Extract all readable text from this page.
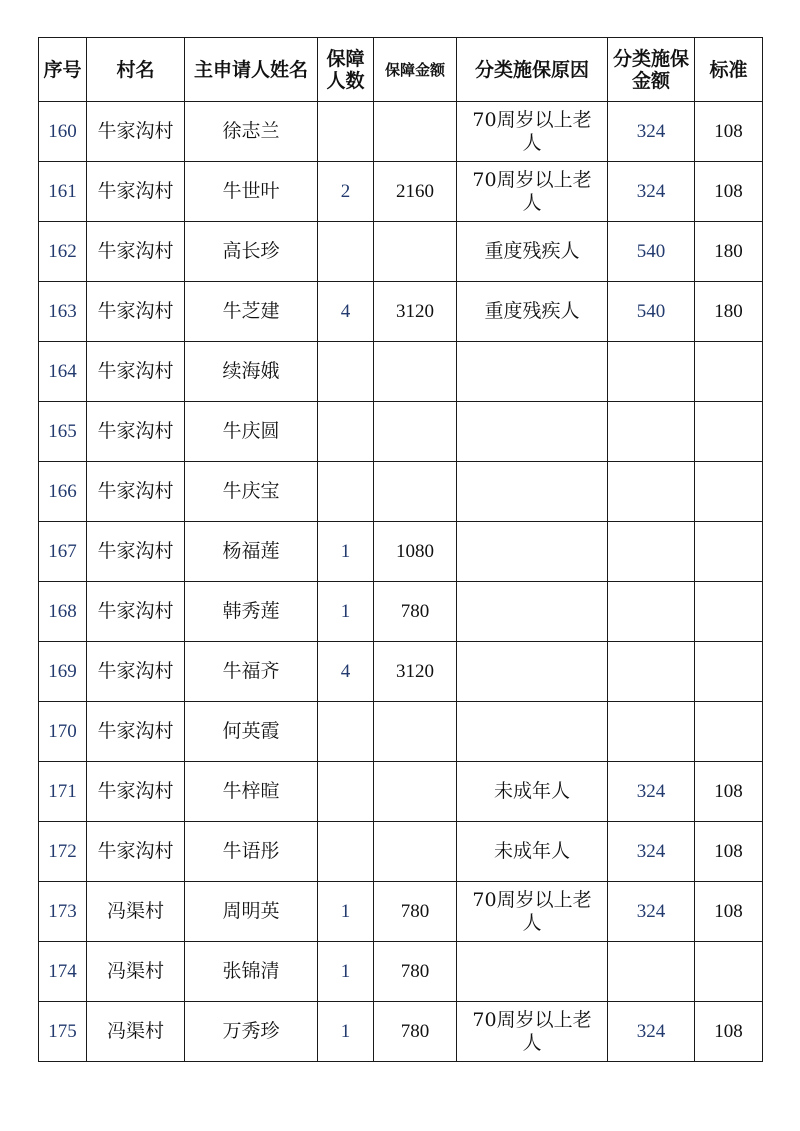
序号	村名	主申请人姓名	保障人数	保障金额	分类施保原因	分类施保金额	标准
160	牛家沟村	徐志兰			70周岁以上老人	324	108
161	牛家沟村	牛世叶	2	2160	70周岁以上老人	324	108
162	牛家沟村	高长珍			重度残疾人	540	180
163	牛家沟村	牛芝建	4	3120	重度残疾人	540	180
164	牛家沟村	续海娥					
165	牛家沟村	牛庆圆					
166	牛家沟村	牛庆宝					
167	牛家沟村	杨福莲	1	1080			
168	牛家沟村	韩秀莲	1	780			
169	牛家沟村	牛福齐	4	3120			
170	牛家沟村	何英霞					
171	牛家沟村	牛梓暄			未成年人	324	108
172	牛家沟村	牛语彤			未成年人	324	108
173	冯渠村	周明英	1	780	70周岁以上老人	324	108
174	冯渠村	张锦清	1	780			
175	冯渠村	万秀珍	1	780	70周岁以上老人	324	108
